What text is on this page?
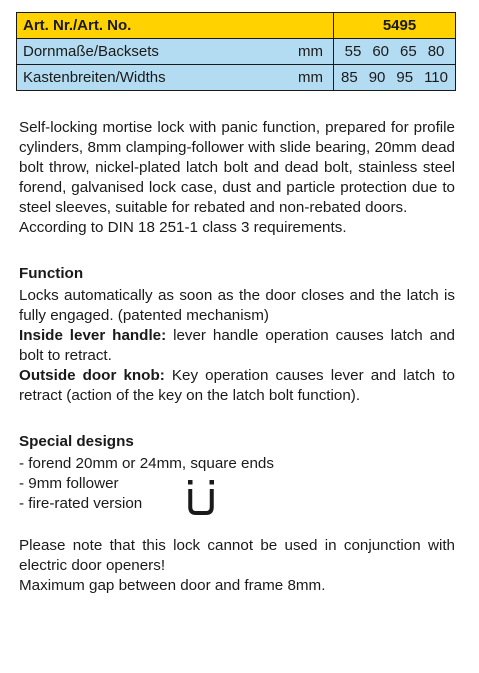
Art. Nr./Art. No.	5495
Dornmaße/Backsets mm	55 60 65 80

Kastenbreiten/Widths mm	85 90 95 110

Self-locking mortise lock with panic function, prepared for profile cylinders, 8mm clamping-follower with slide bearing, 20mm dead bolt throw, nickel-plated latch bolt and dead bolt, stainless steel forend, galvanised lock case, dust and particle protection due to steel sleeves, suitable for rebated and non-rebated doors.

According to DIN 18 251-1 class 3 requirements.

Function

Locks automatically as soon as the door closes and the latch is fully engaged. (patented mechanism)

Inside lever handle: lever handle operation causes latch and bolt to retract.

Outside door knob: Key operation causes lever and latch to retract (action of the key on the latch bolt function).

Special designs

- forend 20mm or 24mm, square ends
- 9mm follower
- fire-rated version

Please note that this lock cannot be used in conjunction with electric door openers!

Maximum gap between door and frame 8mm.
